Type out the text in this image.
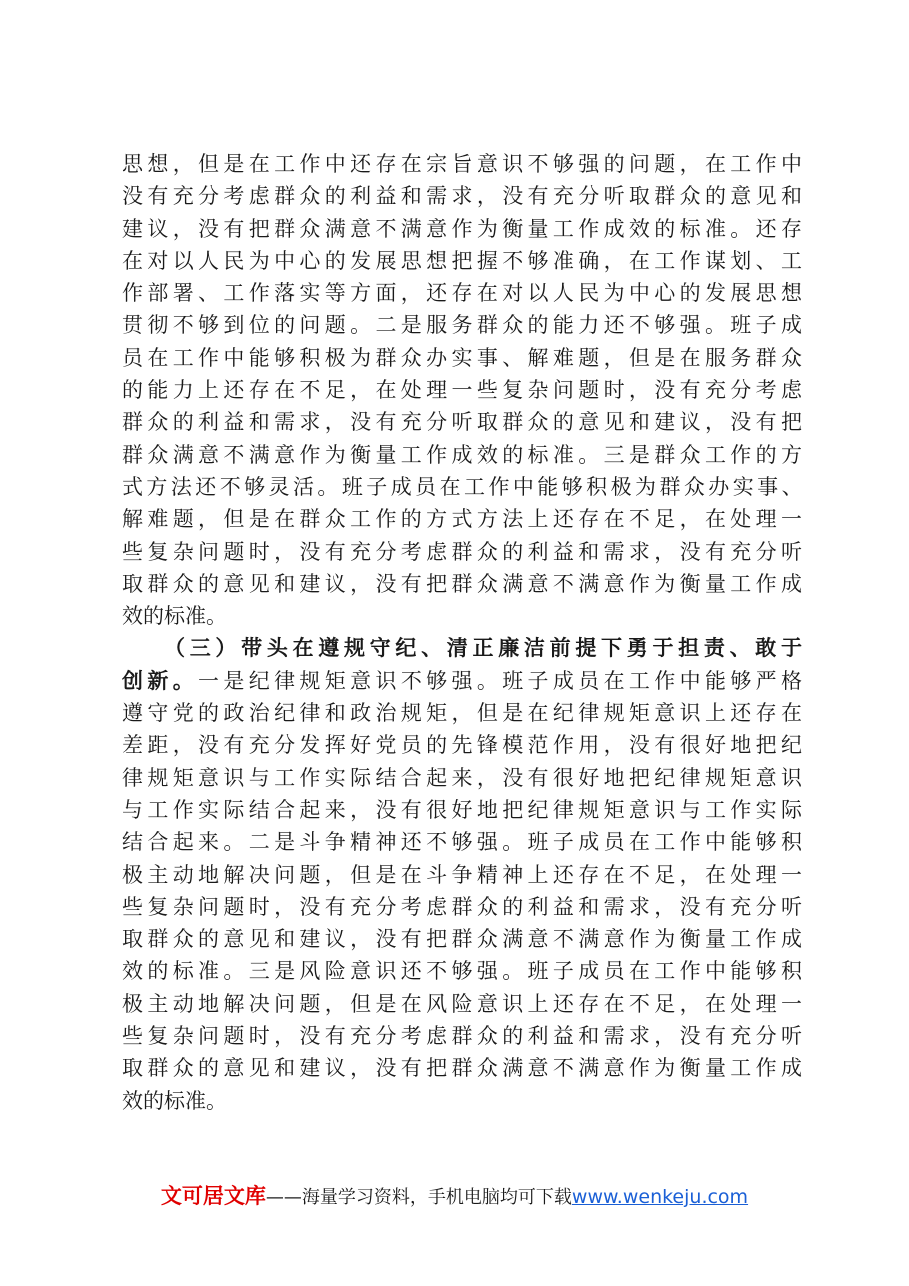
思想，但是在工作中还存在宗旨意识不够强的问题，在工作中
没有充分考虑群众的利益和需求，没有充分听取群众的意见和
建议，没有把群众满意不满意作为衡量工作成效的标准。还存
在对以人民为中心的发展思想把握不够准确，在工作谋划、工
作部署、工作落实等方面，还存在对以人民为中心的发展思想
贯彻不够到位的问题。二是服务群众的能力还不够强。班子成
员在工作中能够积极为群众办实事、解难题，但是在服务群众
的能力上还存在不足，在处理一些复杂问题时，没有充分考虑
群众的利益和需求，没有充分听取群众的意见和建议，没有把
群众满意不满意作为衡量工作成效的标准。三是群众工作的方
式方法还不够灵活。班子成员在工作中能够积极为群众办实事、
解难题，但是在群众工作的方式方法上还存在不足，在处理一
些复杂问题时，没有充分考虑群众的利益和需求，没有充分听
取群众的意见和建议，没有把群众满意不满意作为衡量工作成
效的标准。
（三）带头在遵规守纪、清正廉洁前提下勇于担责、敢于
创新。一是纪律规矩意识不够强。班子成员在工作中能够严格
遵守党的政治纪律和政治规矩，但是在纪律规矩意识上还存在
差距，没有充分发挥好党员的先锋模范作用，没有很好地把纪
律规矩意识与工作实际结合起来，没有很好地把纪律规矩意识
与工作实际结合起来，没有很好地把纪律规矩意识与工作实际
结合起来。二是斗争精神还不够强。班子成员在工作中能够积
极主动地解决问题，但是在斗争精神上还存在不足，在处理一
些复杂问题时，没有充分考虑群众的利益和需求，没有充分听
取群众的意见和建议，没有把群众满意不满意作为衡量工作成
效的标准。三是风险意识还不够强。班子成员在工作中能够积
极主动地解决问题，但是在风险意识上还存在不足，在处理一
些复杂问题时，没有充分考虑群众的利益和需求，没有充分听
取群众的意见和建议，没有把群众满意不满意作为衡量工作成
效的标准。
文可居文库——海量学习资料，手机电脑均可下载www.wenkeju.com
